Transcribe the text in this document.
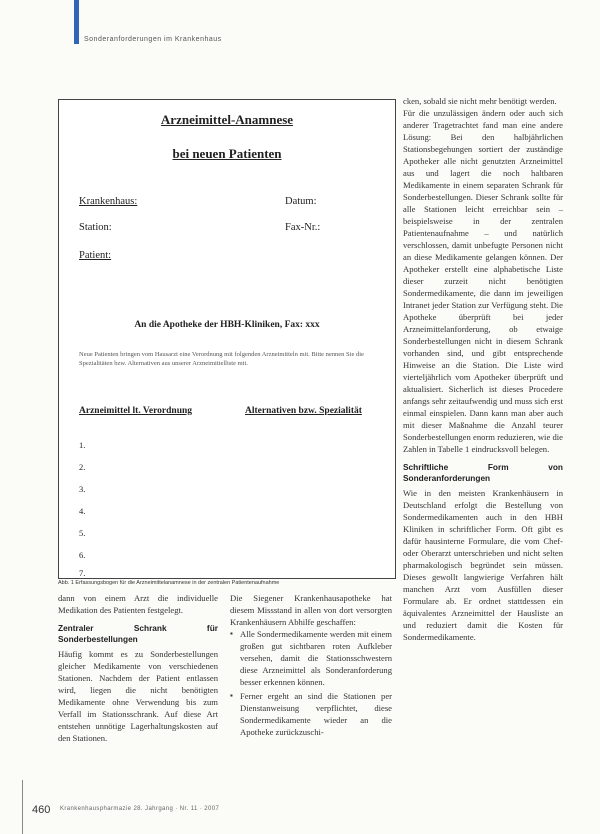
Sonderanforderungen im Krankenhaus
Arzneimittel-Anamnese
bei neuen Patienten
Krankenhaus:	Datum:
Station:	Fax-Nr.:
Patient:
An die Apotheke der HBH-Kliniken, Fax: xxx
Neue Patienten bringen vom Hausarzt eine Verordnung mit folgenden Arzneimitteln mit. Bitte nennen Sie die Spezialitäten bzw. Alternativen aus unserer Arzneimittelliste mit.
Arzneimittel lt. Verordnung	Alternativen bzw. Spezialität
1.
2.
3.
4.
5.
6.
7.
Abb. 1 Erfassungsbogen für die Arzneimittelanamnese in der zentralen Patientenaufnahme

dann von einem Arzt die individuelle Medikation des Patienten festgelegt.

Zentraler Schrank für Sonderbestellungen

Häufig kommt es zu Sonderbestellungen gleicher Medikamente von verschiedenen Stationen. Nachdem der Patient entlassen wird, liegen die nicht benötigten Medikamente ohne Verwendung bis zum Verfall im Stationsschrank. Auf diese Art entstehen unnötige Lagerhaltungskosten auf den Stationen.

Die Siegener Krankenhausapotheke hat diesem Missstand in allen von dort versorgten Krankenhäusern Abhilfe geschaffen:

▪ Alle Sondermedikamente werden mit einem großen gut sichtbaren roten Aufkleber versehen, damit die Stationsschwestern diese Arzneimittel als Sonderanforderung besser erkennen können.
▪ Ferner ergeht an sind die Stationen per Dienstanweisung verpflichtet, diese Sondermedikamente wieder an die Apotheke zurückzuschi-

cken, sobald sie nicht mehr benötigt werden.

Für die unzulässigen ändern oder auch sich anderer Tragetrachtet fand man eine andere Lösung: Bei den halbjährlichen Stationsbegehungen sortiert der zuständige Apotheker alle nicht genutzten Arzneimittel aus und lagert die noch haltbaren Medikamente in einem separaten Schrank für Sonderbestellungen. Dieser Schrank sollte für alle Stationen leicht erreichbar sein – beispielsweise in der zentralen Patientenaufnahme – und natürlich verschlossen, damit unbefugte Personen nicht an diese Medikamente gelangen können. Der Apotheker erstellt eine alphabetische Liste dieser zurzeit nicht benötigten Sondermedikamente, die dann im jeweiligen Intranet jeder Station zur Verfügung steht. Die Apotheke überprüft bei jeder Arzneimittelanforderung, ob etwaige Sonderbestellungen nicht in diesem Schrank vorhanden sind, und gibt entsprechende Hinweise an die Station. Die Liste wird vierteljährlich vom Apotheker überprüft und aktualisiert. Sicherlich ist dieses Procedere anfangs sehr zeitaufwendig und muss sich erst einmal einspielen. Dann kann man aber auch mit dieser Maßnahme die Anzahl teurer Sonderbestellungen enorm reduzieren, wie die Zahlen in Tabelle 1 eindrucksvoll belegen.

Schriftliche Form von Sonderanforderungen

Wie in den meisten Krankenhäusern in Deutschland erfolgt die Bestellung von Sondermedikamenten auch in den HBH Kliniken in schriftlicher Form. Oft gibt es dafür hausinterne Formulare, die vom Chef- oder Oberarzt unterschrieben und nicht selten pharmakologisch begründet sein müssen. Dieses gewollt langwierige Verfahren hält manchen Arzt vom Ausfüllen dieser Formulare ab. Er ordnet stattdessen ein äquivalentes Arzneimittel der Hausliste an und reduziert damit die Kosten für Sondermedikamente.

460 Krankenhauspharmazie 28. Jahrgang · Nr. 11 · 2007
